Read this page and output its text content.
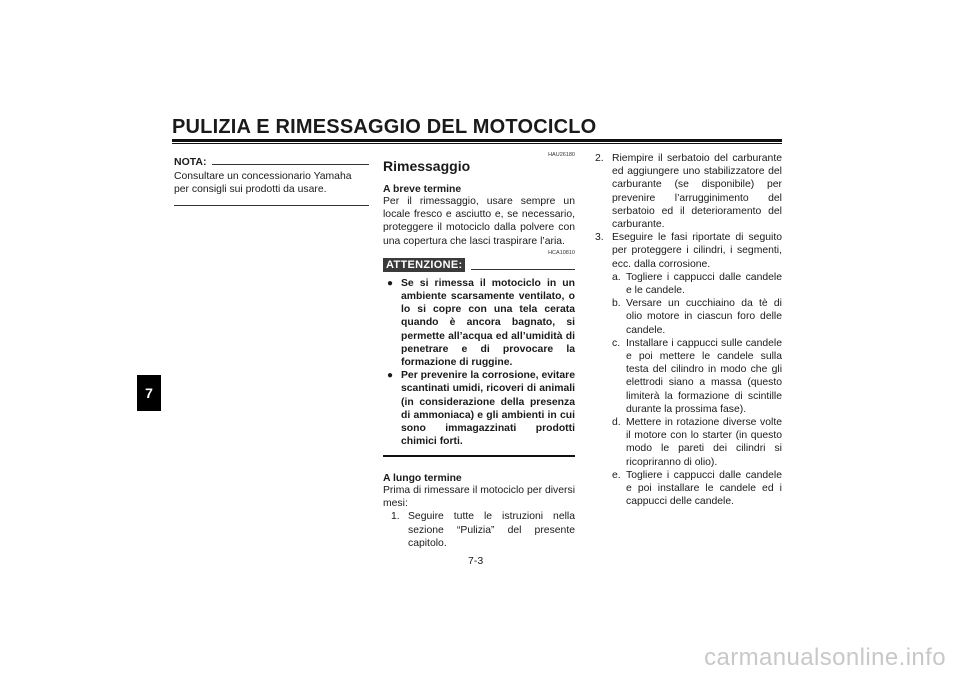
PULIZIA E RIMESSAGGIO DEL MOTOCICLO
7
NOTA:
Consultare un concessionario Yamaha per consigli sui prodotti da usare.
HAU26180
Rimessaggio
A breve termine
Per il rimessaggio, usare sempre un locale fresco e asciutto e, se necessario, proteggere il motociclo dalla polvere con una copertura che lasci traspirare l’aria.
HCA10810
ATTENZIONE:
● Se si rimessa il motociclo in un ambiente scarsamente ventilato, o lo si copre con una tela cerata quando è ancora bagnato, si permette all’acqua ed all’umidità di penetrare e di provocare la formazione di ruggine.
● Per prevenire la corrosione, evitare scantinati umidi, ricoveri di animali (in considerazione della presenza di ammoniaca) e gli ambienti in cui sono immagazzinati prodotti chimici forti.
A lungo termine
Prima di rimessare il motociclo per diversi mesi:
1. Seguire tutte le istruzioni nella sezione “Pulizia” del presente capitolo.
2. Riempire il serbatoio del carburante ed aggiungere uno stabilizzatore del carburante (se disponibile) per prevenire l’arrugginimento del serbatoio ed il deterioramento del carburante.
3. Eseguire le fasi riportate di seguito per proteggere i cilindri, i segmenti, ecc. dalla corrosione.
a. Togliere i cappucci dalle candele e le candele.
b. Versare un cucchiaino da tè di olio motore in ciascun foro delle candele.
c. Installare i cappucci sulle candele e poi mettere le candele sulla testa del cilindro in modo che gli elettrodi siano a massa (questo limiterà la formazione di scintille durante la prossima fase).
d. Mettere in rotazione diverse volte il motore con lo starter (in questo modo le pareti dei cilindri si ricopriranno di olio).
e. Togliere i cappucci dalle candele e poi installare le candele ed i cappucci delle candele.
7-3
carmanualsonline.info
